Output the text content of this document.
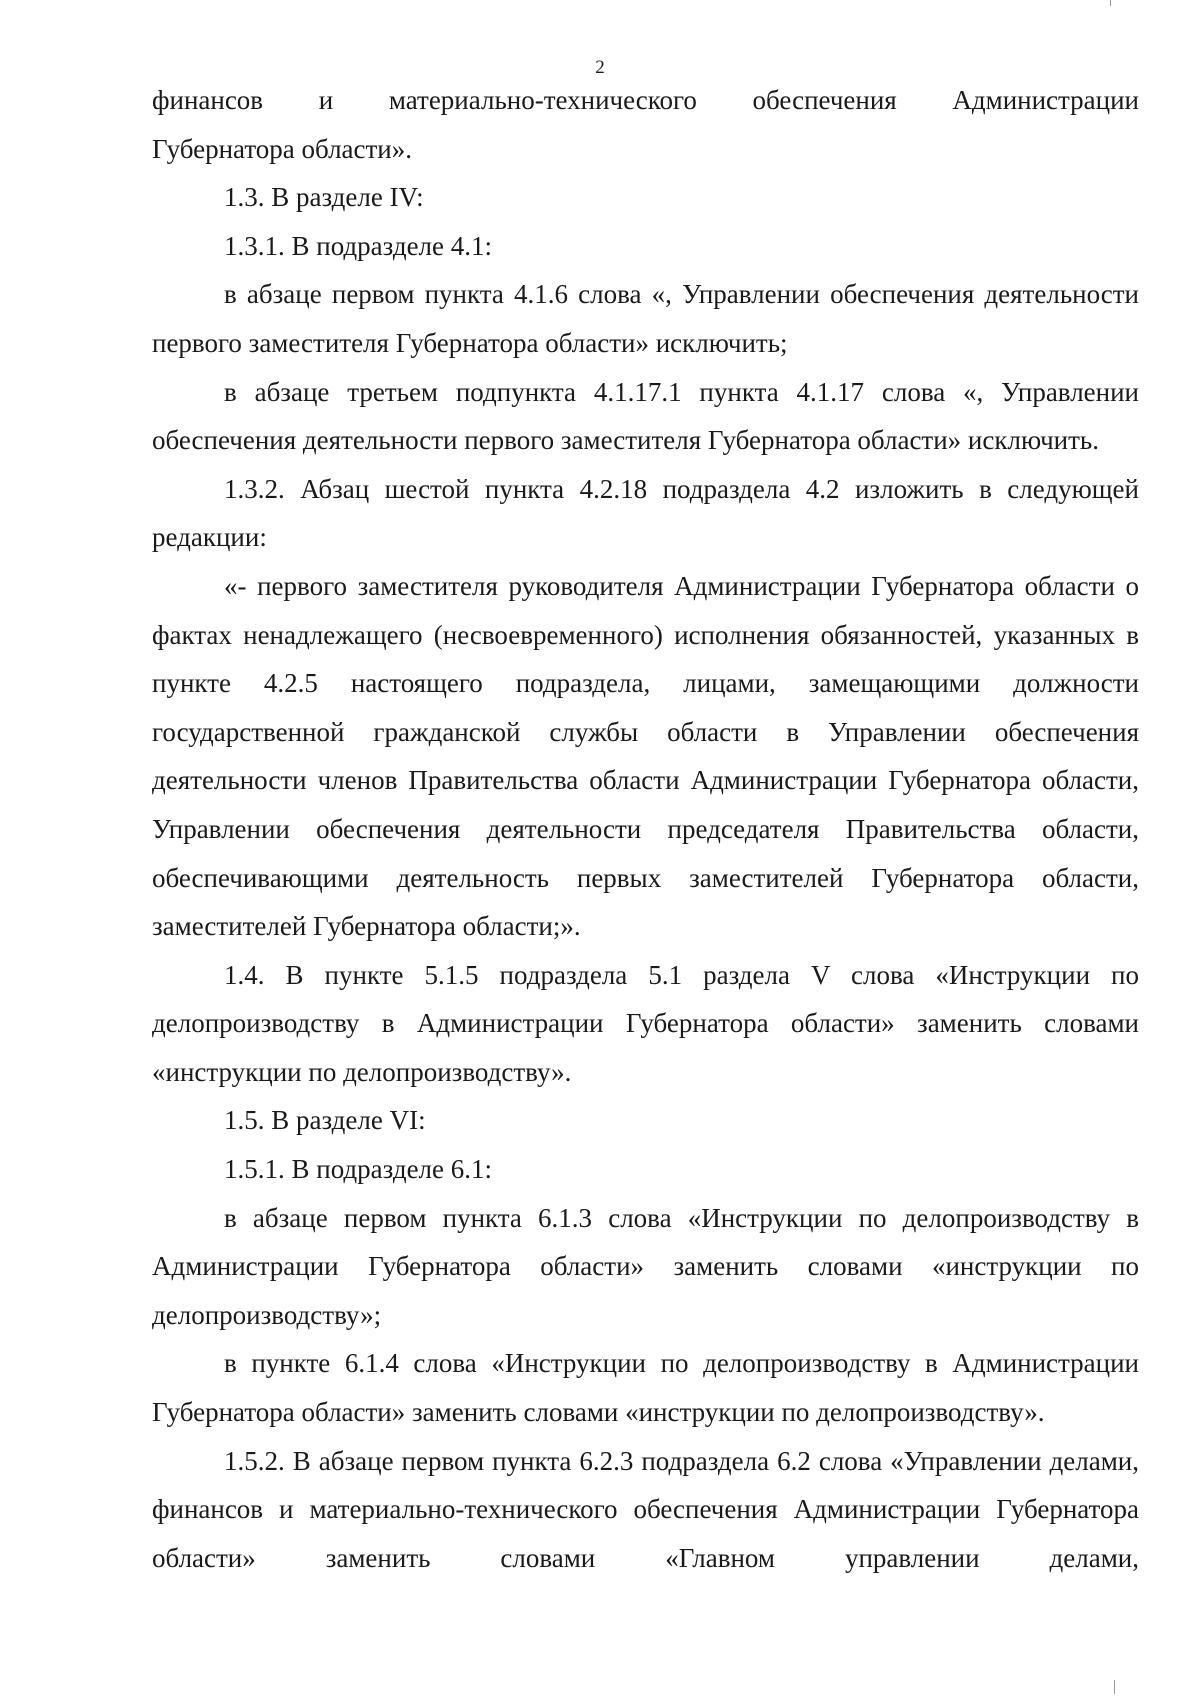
2

финансов и материально-технического обеспечения Администрации

Губернатора области».

1.3. В разделе IV:

1.3.1. В подразделе 4.1:

в абзаце первом пункта 4.1.6 слова «, Управлении обеспечения деятельности первого заместителя Губернатора области» исключить;

в абзаце третьем подпункта 4.1.17.1 пункта 4.1.17 слова «, Управлении обеспечения деятельности первого заместителя Губернатора области» исключить.

1.3.2. Абзац шестой пункта 4.2.18 подраздела 4.2 изложить в следующей редакции:

«- первого заместителя руководителя Администрации Губернатора области о фактах ненадлежащего (несвоевременного) исполнения обязанностей, указанных в пункте 4.2.5 настоящего подраздела, лицами, замещающими должности государственной гражданской службы области в Управлении обеспечения деятельности членов Правительства области Администрации Губернатора области, Управлении обеспечения деятельности председателя Правительства области, обеспечивающими деятельность первых заместителей Губернатора области, заместителей Губернатора области;».

1.4. В пункте 5.1.5 подраздела 5.1 раздела V слова «Инструкции по делопроизводству в Администрации Губернатора области» заменить словами «инструкции по делопроизводству».

1.5. В разделе VI:

1.5.1. В подразделе 6.1:

в абзаце первом пункта 6.1.3 слова «Инструкции по делопроизводству в Администрации Губернатора области» заменить словами «инструкции по делопроизводству»;

в пункте 6.1.4 слова «Инструкции по делопроизводству в Администрации Губернатора области» заменить словами «инструкции по делопроизводству».

1.5.2. В абзаце первом пункта 6.2.3 подраздела 6.2 слова «Управлении делами, финансов и материально-технического обеспечения Администрации Губернатора области» заменить словами «Главном управлении делами,
